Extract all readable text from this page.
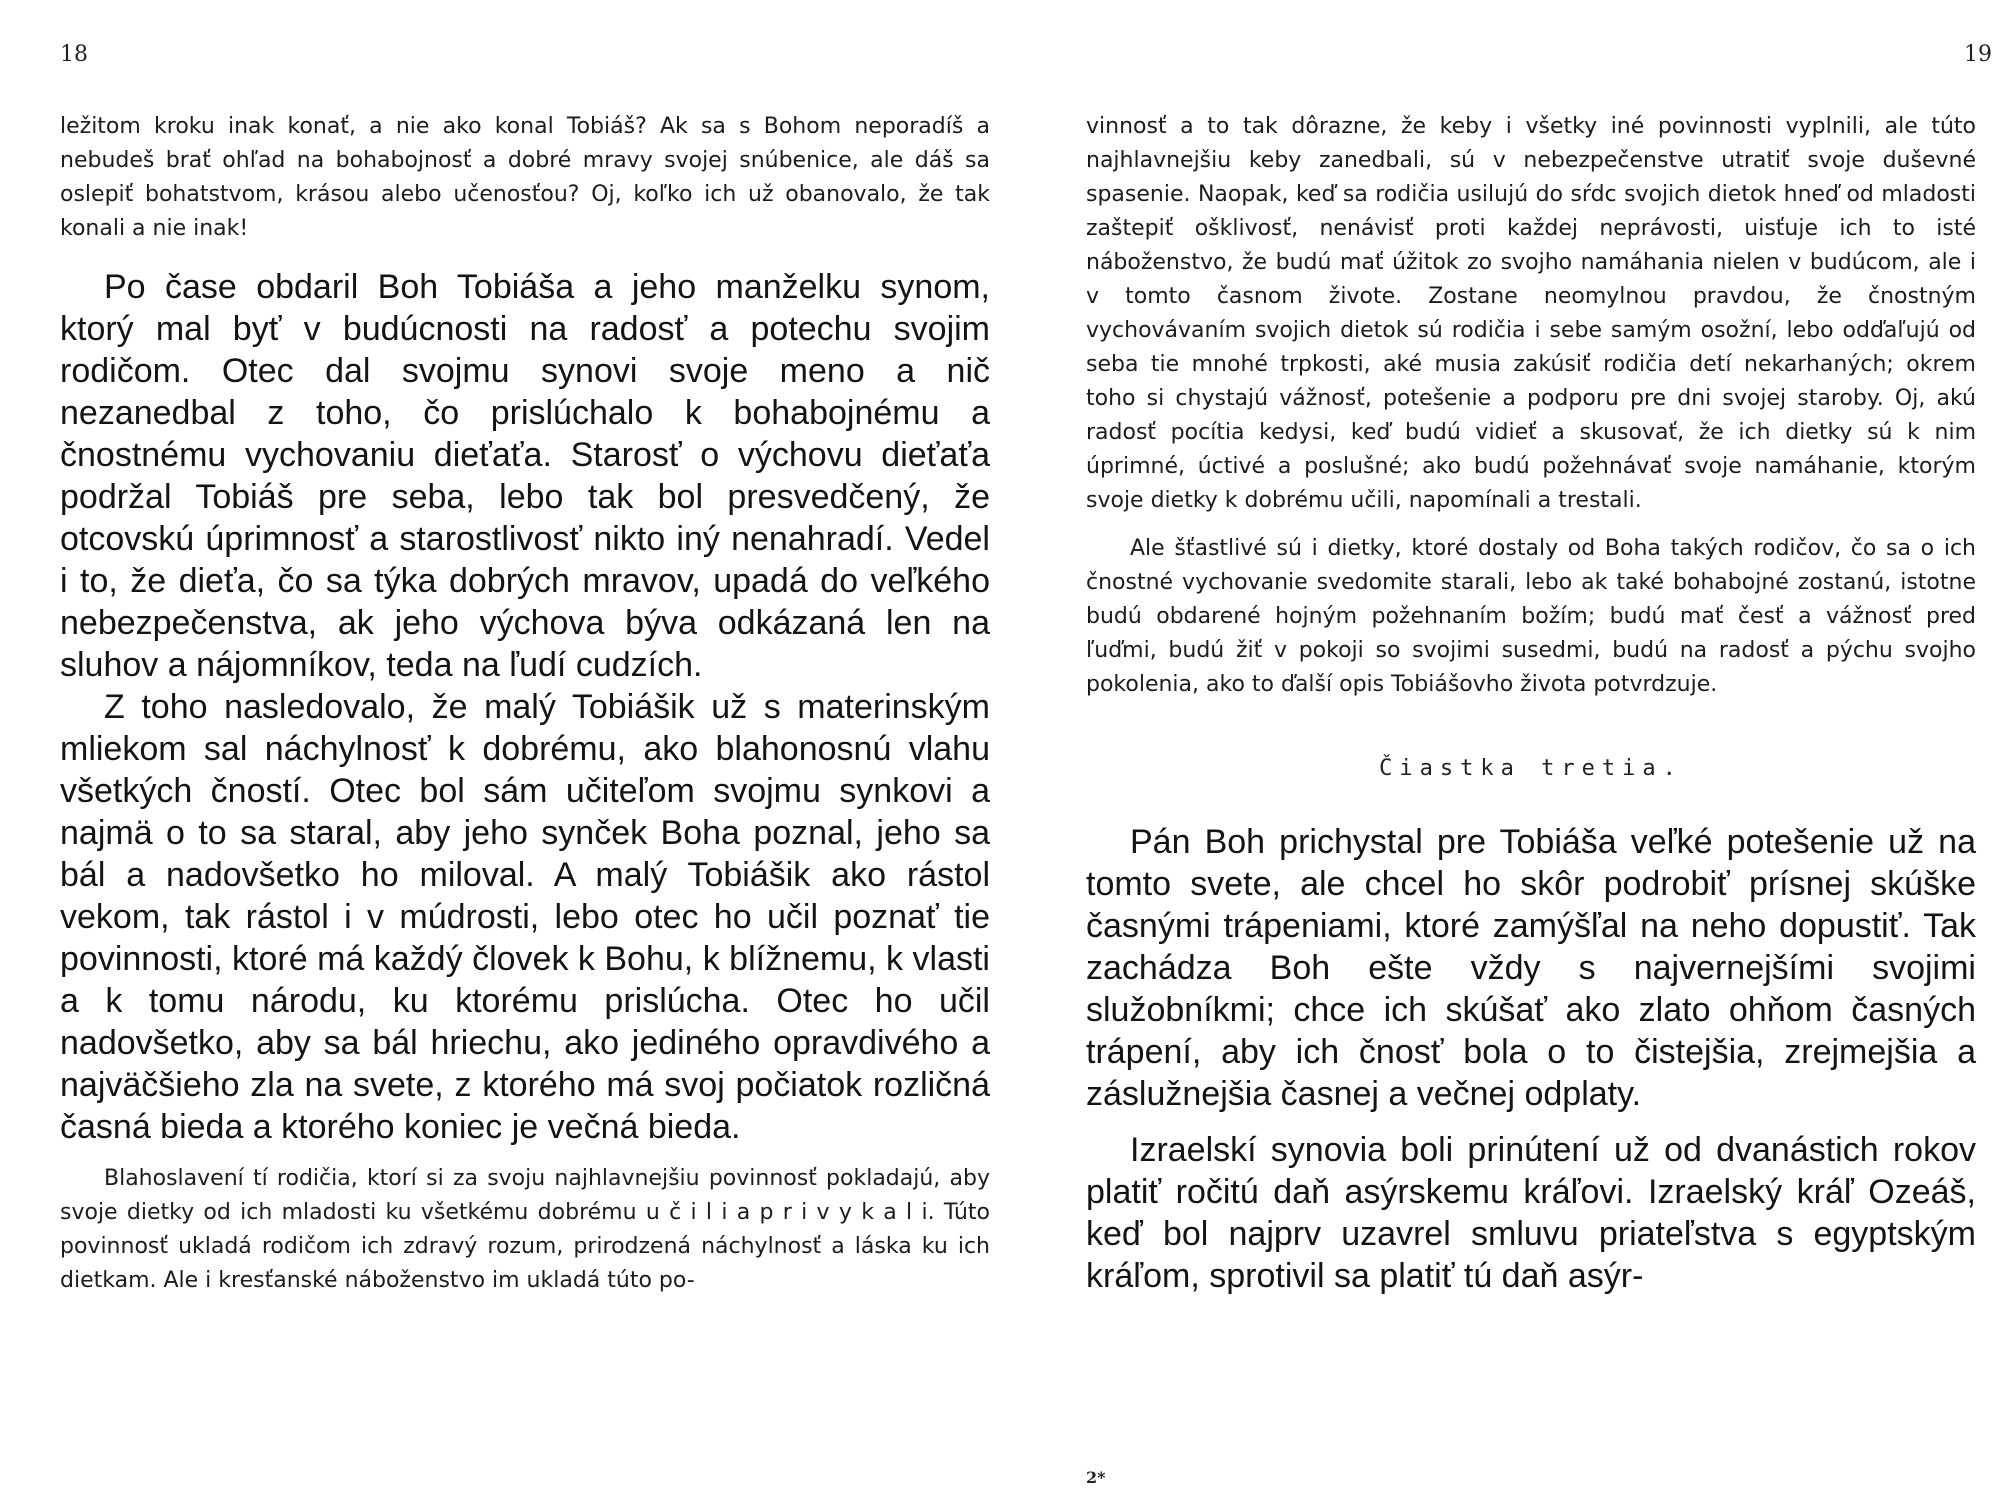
18

ležitom kroku inak konať, a nie ako konal Tobiáš? Ak sa s Bohom neporadíš a nebudeš brať ohľad na bohabojnosť a dobré mravy svojej snúbenice, ale dáš sa oslepiť bohatstvom, krásou alebo učenosťou? Oj, koľko ich už obanovalo, že tak konali a nie inak!

Po čase obdaril Boh Tobiáša a jeho manželku synom, ktorý mal byť v budúcnosti na radosť a potechu svojim rodičom. Otec dal svojmu synovi svoje meno a nič nezanedbal z toho, čo prislúchalo k bohabojnému a čnostnému vychovaniu dieťaťa. Starosť o výchovu dieťaťa podržal Tobiáš pre seba, lebo tak bol presvedčený, že otcovskú úprimnosť a starostlivosť nikto iný nenahradí. Vedel i to, že dieťa, čo sa týka dobrých mravov, upadá do veľkého nebezpečenstva, ak jeho výchova býva odkázaná len na sluhov a nájomníkov, teda na ľudí cudzích.

Z toho nasledovalo, že malý Tobiášik už s materinským mliekom sal náchylnosť k dobrému, ako blahonosnú vlahu všetkých čností. Otec bol sám učiteľom svojmu synkovi a najmä o to sa staral, aby jeho synček Boha poznal, jeho sa bál a nadovšetko ho miloval. A malý Tobiášik ako rástol vekom, tak rástol i v múdrosti, lebo otec ho učil poznať tie povinnosti, ktoré má každý človek k Bohu, k blížnemu, k vlasti a k tomu národu, ku ktorému prislúcha. Otec ho učil nadovšetko, aby sa bál hriechu, ako jediného opravdivého a najväčšieho zla na svete, z ktorého má svoj počiatok rozličná časná bieda a ktorého koniec je večná bieda.

Blahoslavení tí rodičia, ktorí si za svoju najhlavnejšiu povinnosť pokladajú, aby svoje dietky od ich mladosti ku všetkému dobrému u č i l i a p r i v y k a l i. Túto povinnosť ukladá rodičom ich zdravý rozum, prirodzená náchylnosť a láska ku ich dietkam. Ale i kresťanské náboženstvo im ukladá túto po-

19

vinnosť a to tak dôrazne, že keby i všetky iné povinnosti vyplnili, ale túto najhlavnejšiu keby zanedbali, sú v nebezpečenstve utratiť svoje duševné spasenie. Naopak, keď sa rodičia usilujú do sŕdc svojich dietok hneď od mladosti zaštepiť ošklivosť, nenávisť proti každej neprávosti, uisťuje ich to isté náboženstvo, že budú mať úžitok zo svojho namáhania nielen v budúcom, ale i v tomto časnom živote. Zostane neomylnou pravdou, že čnostným vychovávaním svojich dietok sú rodičia i sebe samým osožní, lebo odďaľujú od seba tie mnohé trpkosti, aké musia zakúsiť rodičia detí nekarhaných; okrem toho si chystajú vážnosť, potešenie a podporu pre dni svojej staroby. Oj, akú radosť pocítia kedysi, keď budú vidieť a skusovať, že ich dietky sú k nim úprimné, úctivé a poslušné; ako budú požehnávať svoje namáhanie, ktorým svoje dietky k dobrému učili, napomínali a trestali.

Ale šťastlivé sú i dietky, ktoré dostaly od Boha takých rodičov, čo sa o ich čnostné vychovanie svedomite starali, lebo ak také bohabojné zostanú, istotne budú obdarené hojným požehnaním božím; budú mať česť a vážnosť pred ľuďmi, budú žiť v pokoji so svojimi susedmi, budú na radosť a pýchu svojho pokolenia, ako to ďalší opis Tobiášovho života potvrdzuje.

Čiastka tretia.

Pán Boh prichystal pre Tobiáša veľké potešenie už na tomto svete, ale chcel ho skôr podrobiť prísnej skúške časnými trápeniami, ktoré zamýšľal na neho dopustiť. Tak zachádza Boh ešte vždy s najvernejšími svojimi služobníkmi; chce ich skúšať ako zlato ohňom časných trápení, aby ich čnosť bola o to čistejšia, zrejmejšia a záslužnejšia časnej a večnej odplaty.

Izraelskí synovia boli prinútení už od dvanástich rokov platiť ročitú daň asýrskemu kráľovi. Izraelský kráľ Ozeáš, keď bol najprv uzavrel smluvu priateľstva s egyptským kráľom, sprotivil sa platiť tú daň asýr-

2*
